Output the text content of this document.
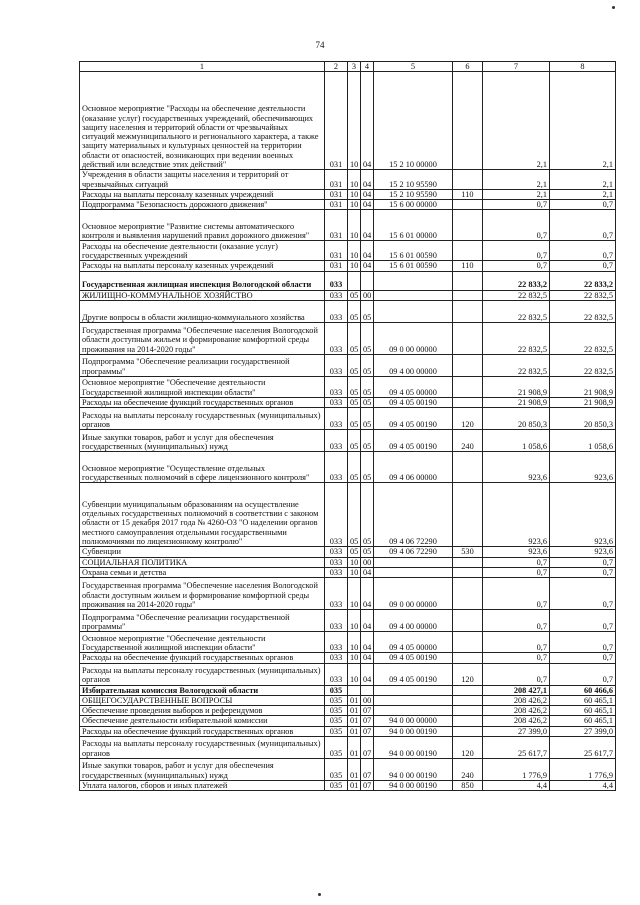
74
1	2	3	4	5	6	7	8
Основное мероприятие "Расходы на обеспечение деятельности (оказание услуг) государственных учреждений, обеспечивающих защиту населения и территорий области от чрезвычайных ситуаций межмуниципального и регионального характера, а также защиту материальных и культурных ценностей на территории области от опасностей, возникающих при ведении военных действий или вследствие этих действий"	031	10	04	15 2 10 00000		2,1	2,1
Учреждения в области защиты населения и территорий от чрезвычайных ситуаций	031	10	04	15 2 10 95590		2,1	2,1
Расходы на выплаты персоналу казенных учреждений	031	10	04	15 2 10 95590	110	2,1	2,1
Подпрограмма "Безопасность дорожного движения"	031	10	04	15 6 00 00000		0,7	0,7
Основное мероприятие "Развитие системы автоматического контроля и выявления нарушений правил дорожного движения"	031	10	04	15 6 01 00000		0,7	0,7
Расходы на обеспечение деятельности (оказание услуг) государственных учреждений	031	10	04	15 6 01 00590		0,7	0,7
Расходы на выплаты персоналу казенных учреждений	031	10	04	15 6 01 00590	110	0,7	0,7
Государственная жилищная инспекция Вологодской области	033					22 833,2	22 833,2
ЖИЛИЩНО-КОММУНАЛЬНОЕ ХОЗЯЙСТВО	033	05	00			22 832,5	22 832,5
Другие вопросы в области жилищно-коммунального хозяйства	033	05	05			22 832,5	22 832,5
Государственная программа "Обеспечение населения Вологодской области доступным жильем и формирование комфортной среды проживания на 2014-2020 годы"	033	05	05	09 0 00 00000		22 832,5	22 832,5
Подпрограмма "Обеспечение реализации государственной программы"	033	05	05	09 4 00 00000		22 832,5	22 832,5
Основное мероприятие "Обеспечение деятельности Государственной жилищной инспекции области"	033	05	05	09 4 05 00000		21 908,9	21 908,9
Расходы на обеспечение функций государственных органов	033	05	05	09 4 05 00190		21 908,9	21 908,9
Расходы на выплаты персоналу государственных (муниципальных) органов	033	05	05	09 4 05 00190	120	20 850,3	20 850,3
Иные закупки товаров, работ и услуг для обеспечения государственных (муниципальных) нужд	033	05	05	09 4 05 00190	240	1 058,6	1 058,6
Основное мероприятие "Осуществление отдельных государственных полномочий в сфере лицензионного контроля"	033	05	05	09 4 06 00000		923,6	923,6
Субвенции муниципальным образованиям на осуществление отдельных государственных полномочий в соответствии с законом области от 15 декабря 2017 года № 4260-ОЗ "О наделении органов местного самоуправления отдельными государственными полномочиями по лицензионному контролю"	033	05	05	09 4 06 72290		923,6	923,6
Субвенции	033	05	05	09 4 06 72290	530	923,6	923,6
СОЦИАЛЬНАЯ ПОЛИТИКА	033	10	00			0,7	0,7
Охрана семьи и детства	033	10	04			0,7	0,7
Государственная программа "Обеспечение населения Вологодской области доступным жильем и формирование комфортной среды проживания на 2014-2020 годы"	033	10	04	09 0 00 00000		0,7	0,7
Подпрограмма "Обеспечение реализации государственной программы"	033	10	04	09 4 00 00000		0,7	0,7
Основное мероприятие "Обеспечение деятельности Государственной жилищной инспекции области"	033	10	04	09 4 05 00000		0,7	0,7
Расходы на обеспечение функций государственных органов	033	10	04	09 4 05 00190		0,7	0,7
Расходы на выплаты персоналу государственных (муниципальных) органов	033	10	04	09 4 05 00190	120	0,7	0,7
Избирательная комиссия Вологодской области	035					208 427,1	60 466,6
ОБЩЕГОСУДАРСТВЕННЫЕ ВОПРОСЫ	035	01	00			208 426,2	60 465,1
Обеспечение проведения выборов и референдумов	035	01	07			208 426,2	60 465,1
Обеспечение деятельности избирательной комиссии	035	01	07	94 0 00 00000		208 426,2	60 465,1
Расходы на обеспечение функций государственных органов	035	01	07	94 0 00 00190		27 399,0	27 399,0
Расходы на выплаты персоналу государственных (муниципальных) органов	035	01	07	94 0 00 00190	120	25 617,7	25 617,7
Иные закупки товаров, работ и услуг для обеспечения государственных (муниципальных) нужд	035	01	07	94 0 00 00190	240	1 776,9	1 776,9
Уплата налогов, сборов и иных платежей	035	01	07	94 0 00 00190	850	4,4	4,4
